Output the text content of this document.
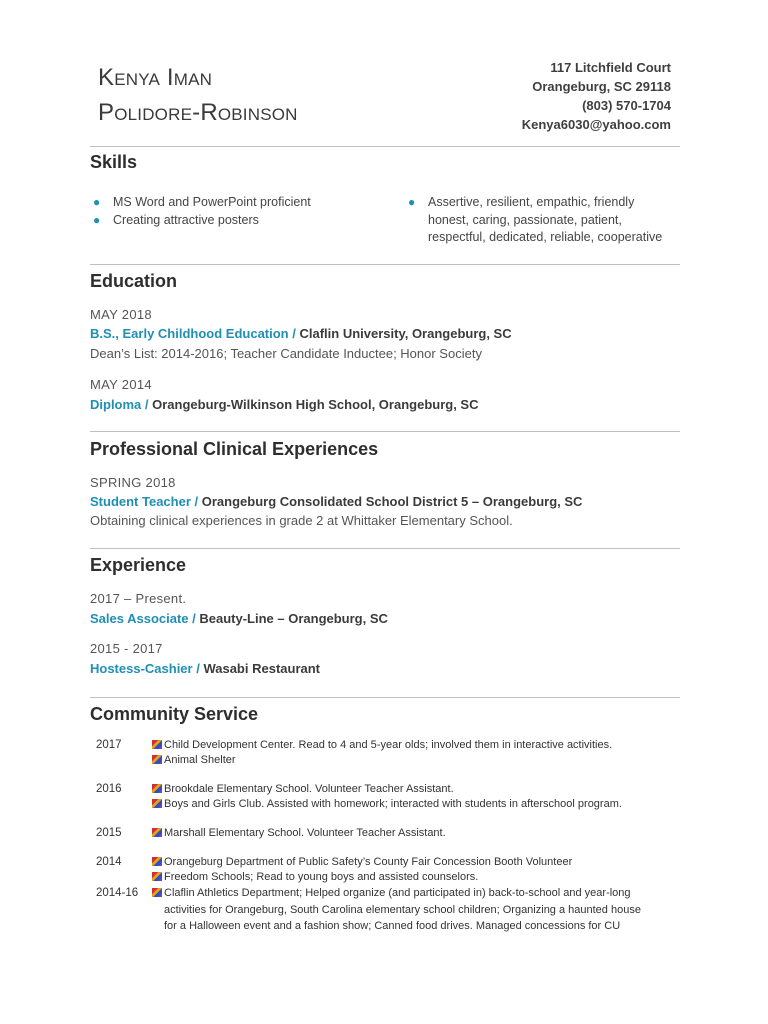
Kenya Iman
Polidore-Robinson
117 Litchfield Court
Orangeburg, SC 29118
(803) 570-1704
Kenya6030@yahoo.com
Skills
● MS Word and PowerPoint proficient
● Creating attractive posters
● Assertive, resilient, empathic, friendly
honest, caring, passionate, patient,
respectful, dedicated, reliable, cooperative
Education
MAY 2018
B.S., Early Childhood Education / Claflin University, Orangeburg, SC
Dean’s List: 2014-2016; Teacher Candidate Inductee; Honor Society
MAY 2014
Diploma / Orangeburg-Wilkinson High School, Orangeburg, SC
Professional Clinical Experiences
SPRING 2018
Student Teacher / Orangeburg Consolidated School District 5 – Orangeburg, SC
Obtaining clinical experiences in grade 2 at Whittaker Elementary School.
Experience
2017 – Present.
Sales Associate / Beauty-Line – Orangeburg, SC
2015 - 2017
Hostess-Cashier / Wasabi Restaurant
Community Service
2017	Child Development Center. Read to 4 and 5-year olds; involved them in interactive activities.
Animal Shelter
2016	Brookdale Elementary School. Volunteer Teacher Assistant.
Boys and Girls Club. Assisted with homework; interacted with students in afterschool program.
2015	Marshall Elementary School. Volunteer Teacher Assistant.
2014	Orangeburg Department of Public Safety’s County Fair Concession Booth Volunteer
Freedom Schools; Read to young boys and assisted counselors.
2014-16	Claflin Athletics Department; Helped organize (and participated in) back-to-school and year-long
activities for Orangeburg, South Carolina elementary school children; Organizing a haunted house
for a Halloween event and a fashion show; Canned food drives. Managed concessions for CU
